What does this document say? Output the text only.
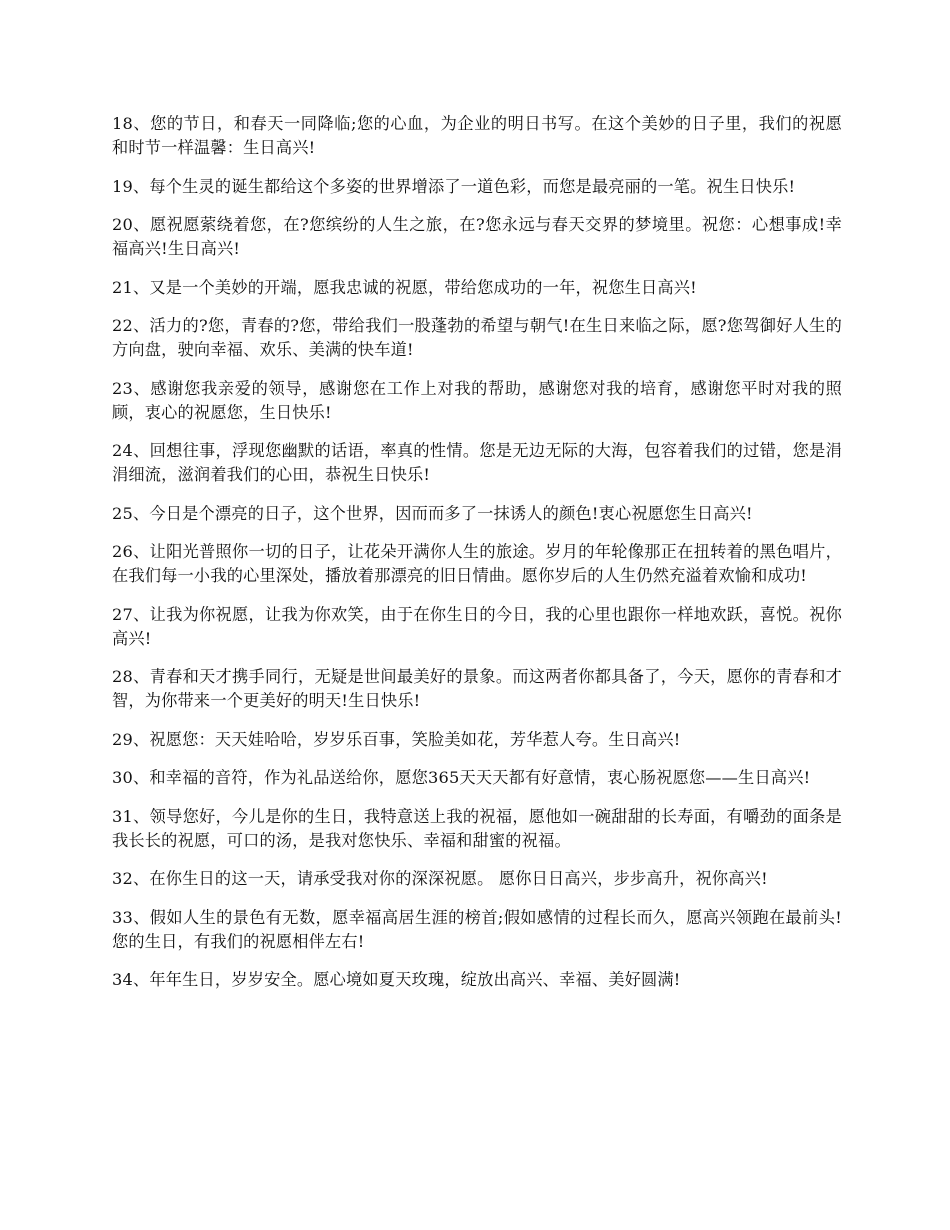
18、您的节日，和春天一同降临;您的心血，为企业的明日书写。在这个美妙的日子里，我们的祝愿和时节一样温馨：生日高兴!

19、每个生灵的诞生都给这个多姿的世界增添了一道色彩，而您是最亮丽的一笔。祝生日快乐!

20、愿祝愿萦绕着您，在?您缤纷的人生之旅，在?您永远与春天交界的梦境里。祝您：心想事成!幸福高兴!生日高兴!

21、又是一个美妙的开端，愿我忠诚的祝愿，带给您成功的一年，祝您生日高兴!

22、活力的?您，青春的?您，带给我们一股蓬勃的希望与朝气!在生日来临之际，愿?您驾御好人生的方向盘，驶向幸福、欢乐、美满的快车道!

23、感谢您我亲爱的领导，感谢您在工作上对我的帮助，感谢您对我的培育，感谢您平时对我的照顾，衷心的祝愿您，生日快乐!

24、回想往事，浮现您幽默的话语，率真的性情。您是无边无际的大海，包容着我们的过错，您是涓涓细流，滋润着我们的心田，恭祝生日快乐!

25、今日是个漂亮的日子，这个世界，因而而多了一抹诱人的颜色!衷心祝愿您生日高兴!

26、让阳光普照你一切的日子，让花朵开满你人生的旅途。岁月的年轮像那正在扭转着的黑色唱片，在我们每一小我的心里深处，播放着那漂亮的旧日情曲。愿你岁后的人生仍然充溢着欢愉和成功!

27、让我为你祝愿，让我为你欢笑，由于在你生日的今日，我的心里也跟你一样地欢跃，喜悦。祝你高兴!

28、青春和天才携手同行，无疑是世间最美好的景象。而这两者你都具备了，今天，愿你的青春和才智，为你带来一个更美好的明天!生日快乐!

29、祝愿您：天天娃哈哈，岁岁乐百事，笑脸美如花，芳华惹人夸。生日高兴!

30、和幸福的音符，作为礼品送给你，愿您365天天天都有好意情，衷心肠祝愿您——生日高兴!

31、领导您好，今儿是你的生日，我特意送上我的祝福，愿他如一碗甜甜的长寿面，有嚼劲的面条是我长长的祝愿，可口的汤，是我对您快乐、幸福和甜蜜的祝福。

32、在你生日的这一天，请承受我对你的深深祝愿。 愿你日日高兴，步步高升，祝你高兴!

33、假如人生的景色有无数，愿幸福高居生涯的榜首;假如感情的过程长而久，愿高兴领跑在最前头!您的生日，有我们的祝愿相伴左右!

34、年年生日，岁岁安全。愿心境如夏天玫瑰，绽放出高兴、幸福、美好圆满!
